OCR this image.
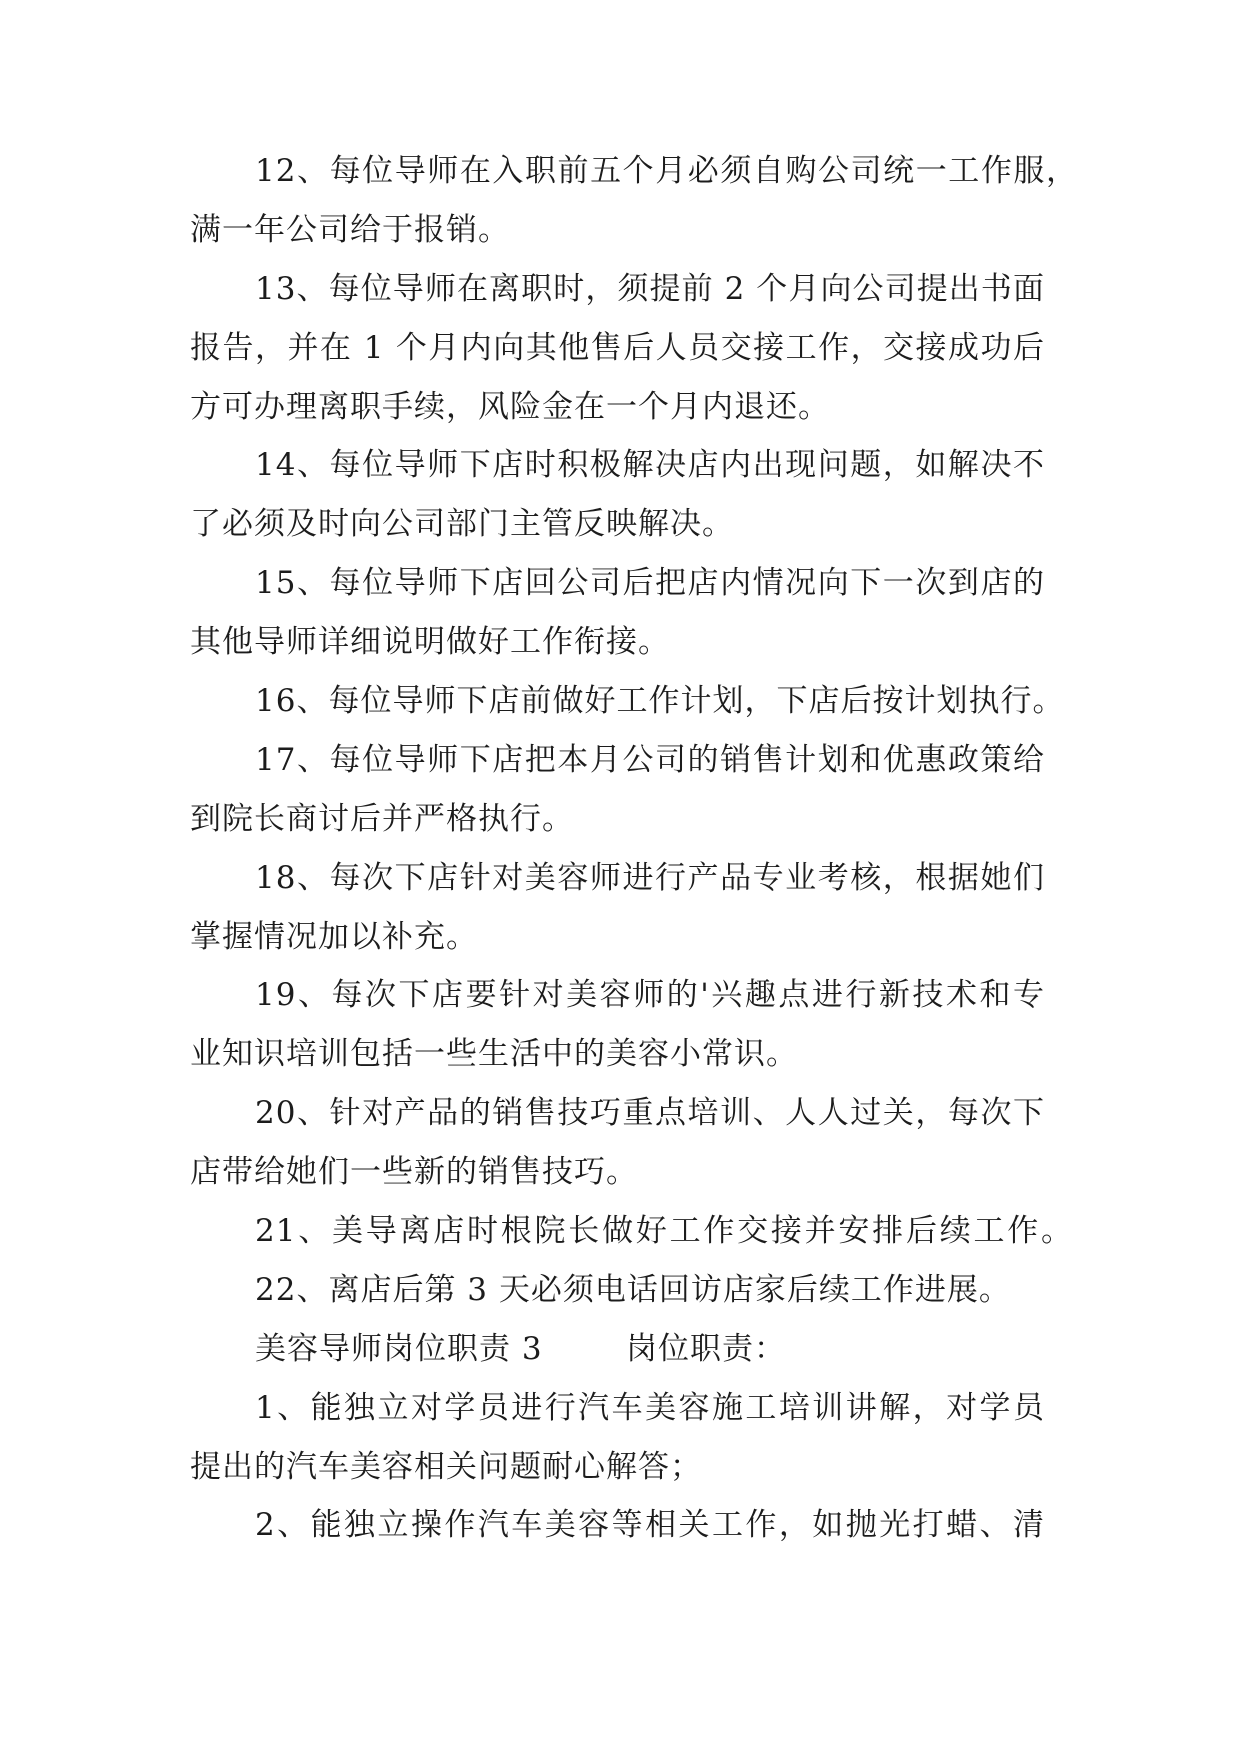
12、每位导师在入职前五个月必须自购公司统一工作服，
满一年公司给于报销。
13、每位导师在离职时，须提前 2 个月向公司提出书面
报告，并在 1 个月内向其他售后人员交接工作，交接成功后
方可办理离职手续，风险金在一个月内退还。
14、每位导师下店时积极解决店内出现问题，如解决不
了必须及时向公司部门主管反映解决。
15、每位导师下店回公司后把店内情况向下一次到店的
其他导师详细说明做好工作衔接。
16、每位导师下店前做好工作计划，下店后按计划执行。
17、每位导师下店把本月公司的销售计划和优惠政策给
到院长商讨后并严格执行。
18、每次下店针对美容师进行产品专业考核，根据她们
掌握情况加以补充。
19、每次下店要针对美容师的'兴趣点进行新技术和专
业知识培训包括一些生活中的美容小常识。
20、针对产品的销售技巧重点培训、人人过关，每次下
店带给她们一些新的销售技巧。
21、美导离店时根院长做好工作交接并安排后续工作。
22、离店后第 3 天必须电话回访店家后续工作进展。
美容导师岗位职责 3	岗位职责：
1、能独立对学员进行汽车美容施工培训讲解，对学员
提出的汽车美容相关问题耐心解答；
2、能独立操作汽车美容等相关工作，如抛光打蜡、清
